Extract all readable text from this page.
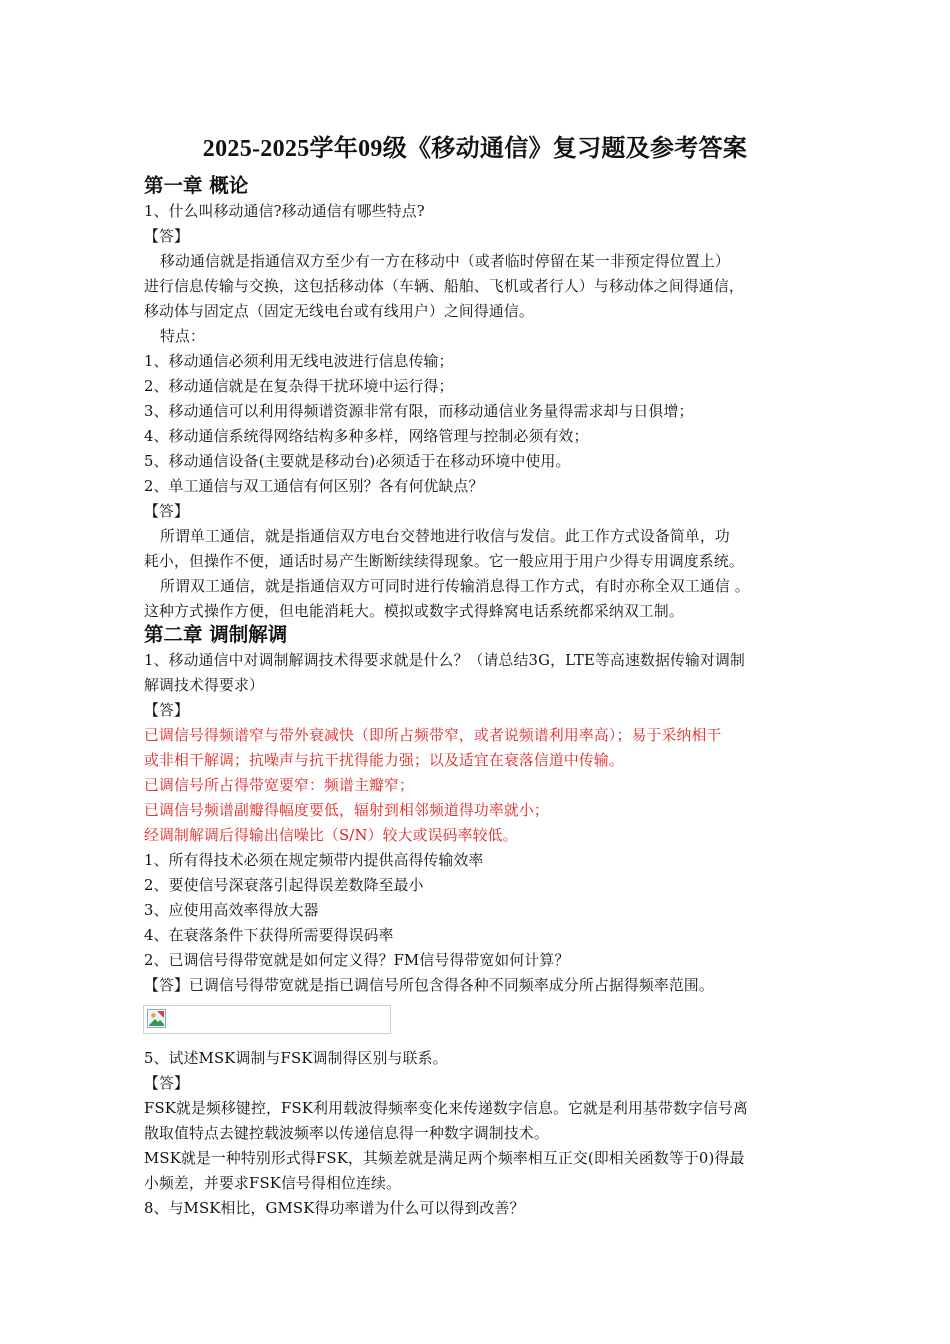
2025-2025学年09级《移动通信》复习题及参考答案
第一章 概论
1、什么叫移动通信?移动通信有哪些特点?
【答】
移动通信就是指通信双方至少有一方在移动中（或者临时停留在某一非预定得位置上）
进行信息传输与交换，这包括移动体（车辆、船舶、飞机或者行人）与移动体之间得通信，
移动体与固定点（固定无线电台或有线用户）之间得通信。
特点：
1、移动通信必须利用无线电波进行信息传输；
2、移动通信就是在复杂得干扰环境中运行得；
3、移动通信可以利用得频谱资源非常有限，而移动通信业务量得需求却与日俱增；
4、移动通信系统得网络结构多种多样，网络管理与控制必须有效；
5、移动通信设备(主要就是移动台)必须适于在移动环境中使用。
2、单工通信与双工通信有何区别？各有何优缺点？
【答】
所谓单工通信，就是指通信双方电台交替地进行收信与发信。此工作方式设备简单，功
耗小，但操作不便，通话时易产生断断续续得现象。它一般应用于用户少得专用调度系统。
所谓双工通信，就是指通信双方可同时进行传输消息得工作方式，有时亦称全双工通信 。
这种方式操作方便，但电能消耗大。模拟或数字式得蜂窝电话系统都采纳双工制。
第二章 调制解调
1、移动通信中对调制解调技术得要求就是什么？（请总结3G，LTE等高速数据传输对调制
解调技术得要求）
【答】
已调信号得频谱窄与带外衰减快（即所占频带窄，或者说频谱利用率高）；易于采纳相干
或非相干解调；抗噪声与抗干扰得能力强；以及适宜在衰落信道中传输。
已调信号所占得带宽要窄：频谱主瓣窄；
已调信号频谱副瓣得幅度要低，辐射到相邻频道得功率就小；
经调制解调后得输出信噪比（S/N）较大或误码率较低。
1、所有得技术必须在规定频带内提供高得传输效率
2、要使信号深衰落引起得误差数降至最小
3、应使用高效率得放大器
4、在衰落条件下获得所需要得误码率
2、已调信号得带宽就是如何定义得？FM信号得带宽如何计算？
【答】已调信号得带宽就是指已调信号所包含得各种不同频率成分所占据得频率范围。
5、试述MSK调制与FSK调制得区别与联系。
【答】
FSK就是频移键控，FSK利用载波得频率变化来传递数字信息。它就是利用基带数字信号离
散取值特点去键控载波频率以传递信息得一种数字调制技术。
MSK就是一种特别形式得FSK，其频差就是满足两个频率相互正交(即相关函数等于0)得最
小频差，并要求FSK信号得相位连续。
8、与MSK相比，GMSK得功率谱为什么可以得到改善？
